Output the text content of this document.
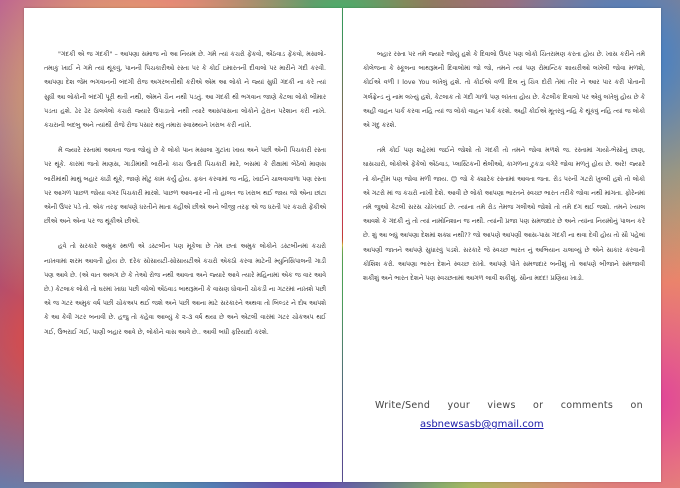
"ગંદકી એ જ ગંદકી" – આપણા સમાજ નો આ નિયમ છે. ગમે ત્યાં કચરો ફેંકવો, એંઠવાડ ફેંકવો, મસાલો-તમાકુ ખાઈ ને ગમે ત્યાં થૂંકવું, પાનની પિચકારીઓ રસ્તા પર કે કોઈ ઇમારતની દીવાલો પર મારીને ગંદી કરવી. આપણા દેશ જેમ ભગવાનની બંદગી રોજ અગરબત્તીથી કરીએ એમ આ લોકો ને જ્યાં સુધી ગંદકી ના કરે ત્યાં સુધી આ લોકોની બંદગી પૂરી થતી નથી, એમને ચૈન નથી પડતું. આ ગંદકી થી ભગવાન જાણે કેટલા લોકો બીમાર પડતા હશે. ઢેર ઢેર ઠાલવેલો કચરો જ્યારે ઉપાડાતો નથી ત્યારે આસપાસના લોકોને હેરાન પરેશાન કરી નાખે. કચરાની બદબુ અને ત્યાંથી રોજે રોજ પસાર થવું તમારા સ્વાસ્થ્યને ખરાબ કરી નાખે.

મેં જ્યારે રસ્તામાં આવતા જતા જોયું છે કે લોકો પાન મસાલા ગુટખા ખાય અને પછી એની પિચકારી રસ્તા પર થૂંકે. કારમાં જતો માણસ, ગાડીમાંથી બારીનો કાચ ઉતારી પિચકારી મારે, બસમાં કે રીક્ષામાં બેઠેલો માણસ બારીમાંથી માથું બહાર કાઢી થૂંકે, જાણે મોટું કામ કર્યું હોય. ફક્ત કરવામાં જ નહિ, ખાઈને ચાલવાવાળા પણ રસ્તા પર આગળ પાછળ જોયા વગર પિચકારી મારશે. પાછળ આવનાર ની તો હાલત જ ખરાબ થઈ જાય જો એના છાંટા એની ઉપર પડે તો. એક તરફ આપણે ધરતીને માતા કહીએ છીએ અને બીજી તરફ એ જ ધરતી પર કચરો ફેંકીએ છીએ અને એના પર જ થૂંકીએ છીએ.

હવે તો સરકારે અમુક સ્થળો એ ડસ્ટબીન પણ મૂકેલા છે તેમ છતાં અમુક લોકોને ડસ્ટબીનમાં કચરો નાખવામાં શરમ આવતી હોય છે. દરેક સોસાયટી-સોસાયટીએ કચરો એકઠો કરવા માટેની મ્યુનિસિપાલની ગાડી પણ આવે છે. (એ વાત અલગ છે કે તેઓ રોજ નથી આવતા અને જ્યારે આવે ત્યારે મહિનામાં એક જ વાર આવે છે.) કેટલાક લોકો તો ઘરમાં ખાધા પછી વધેલો એંઠવાડ બાથરૂમની કે વાસણ ધોવાની ચોકડી ના ગટરમાં નાખશે પછી એ જ ગટર અમુક વર્ષ પછી ચોકઅપ થઈ જશે અને પછી આના માટે સરકારને અથવા તો બિલ્ડર ને દોષ આપશે કે આ કેવી ગટર બનાવી છે. હજુ તો કહેવા આવ્યું કે ૨-૩ વર્ષ થયા છે અને એટલી વારમાં ગટર ચોકઅપ થઈ ગઈ, ઉભરાઈ ગઈ, પાણી બહાર આવે છે, લોકોને વાસ આવે છે.. આવી બધી ફરિયાદો કરશે.

બહાર રસ્તા પર તમે જ્યારે જોયું હશે કે દિવાલો ઉપર પણ લોકો ચિતરામણ કરતા હોય છે. ખાસ કરીને તમે કોલેજના કે સ્કૂલના બાથરૂમની દિવાલોમાં જો જો, તમને ત્યાં પણ રોમાન્ટિક શાયરીઓ લખેલી જોવા મળશે, કોઈએ વળી I love You લખેલું હશે. તો કોઈએ વળી દિલ નું ચિત્ર દોરી તેમાં તીર ને આર પાર કરી પોતાની ગર્લફ્રેન્ડ નું નામ લખ્યું હશે, કેટલાક તો ગંદી ગાળો પણ લખતા હોય છે. કેટલીક દિવાલો પર એવું લખેલું હોય છે કે અહીં વાહન પાર્ક કરવા નહિ ત્યાં જ લોકો વાહન પાર્ક કરશે. અહીં કોઈએ મૂતરવું નહિ કે થૂંકવું નહિ ત્યાં જ લોકો એ ગંદુ કરશે.

તમે કોઈ પણ શહેરમાં જઈને જોશો તો ગંદકી તો તમને જોવા મળશે જ. રસ્તામાં ગાયો-ભેંસોનું છાણ, ઘાસચારો, લોકોએ ફેંકેલો એંઠવાડ, પ્લાસ્ટિકની થેલીઓ, કાગળના ટુકડા વગેરે જોવા મળતું હોય છે. અરે! જ્યારે તો કોન્ટ્રીમ પણ જોવા મળી જાય. 😊 જો કે ક્યારેક રસ્તામાં આવતા જતા. રોડ પરની ગટરો ખુલ્લી હશે તો લોકો એ ગટરો માં જ કચરો નાખી દેશે. આવી છે લોકો આપણા ભારતને સ્વચ્છ ભારત તરીકે જોવા નથી માંગતા. ફોરેનમાં તમે જુઓ કેટલી સરસ ચોખ્ખાઈ છે. ત્યાંના તમે રોડ તેમજ ગલીઓ જોશો તો તમે દંગ થઈ જશો. તમને ખ્યાલ આવશે કે ગંદકી નું તો ત્યાં નામોનિશાન જ નથી. ત્યાંની પ્રજા પણ સમજદાર છે અને ત્યાંના નિયમોનું પાલન કરે છે. શું આ બધું આપણા દેશમાં શક્ય નથી?? જો આપણે આપણી આસ-પાસ ગંદકી ના થવા દેવી હોય તો સૌ પહેલાં આપણી જાતને આપણે સુધારવું પડશે. સરકારે જે સ્વચ્છ ભારત નું અભિયાન ચલાવ્યું છે એને સાકાર કરવાની કોશિશ કરો. આપણા ભારત દેશને સ્વચ્છ રાખો. આપણે પોતે સમજદાર બનીશું તો આપણે બીજાને સમજાવી શકીશું અને ભારત દેશને પણ સ્વચ્છતામાં આગળ લાવી શકીશું. સૌના મદદ! પ્રણિયા ખાડો.

Write/Send your views or comments on
asbnewsasb@gmail.com
